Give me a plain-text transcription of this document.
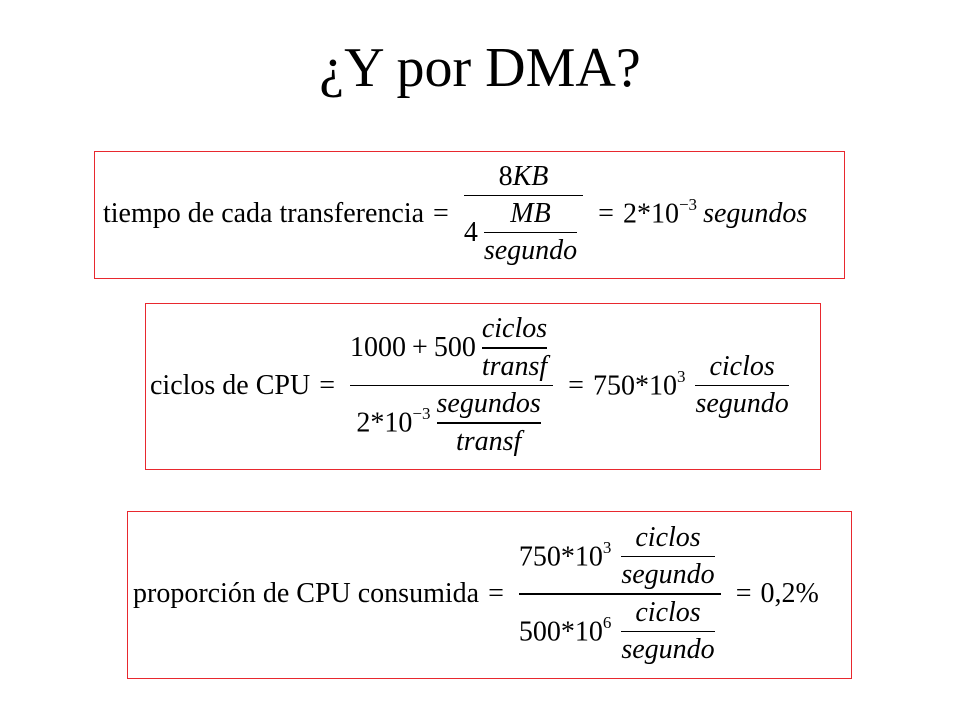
¿Y por DMA?
tiempo de cada transferencia = $\frac{8 KB}{4 \frac{MB}{\text{segundo}}} = 2*10^{-3}$ segundos
ciclos de CPU =
$1000 + 500 \frac{\text{ciclos}}{\text{transf}}$
$2*10^{-3} \frac{\text{segundos}}{\text{transf}}$
= $750*10^3 \frac{\text{ciclos}}{\text{segundo}}$
proporción de CPU consumida = $\frac{750*10^3 \frac{\text{ciclos}}{\text{segundo}}}{500*10^6 \frac{\text{ciclos}}{\text{segundo}}} = 0,2\%$
